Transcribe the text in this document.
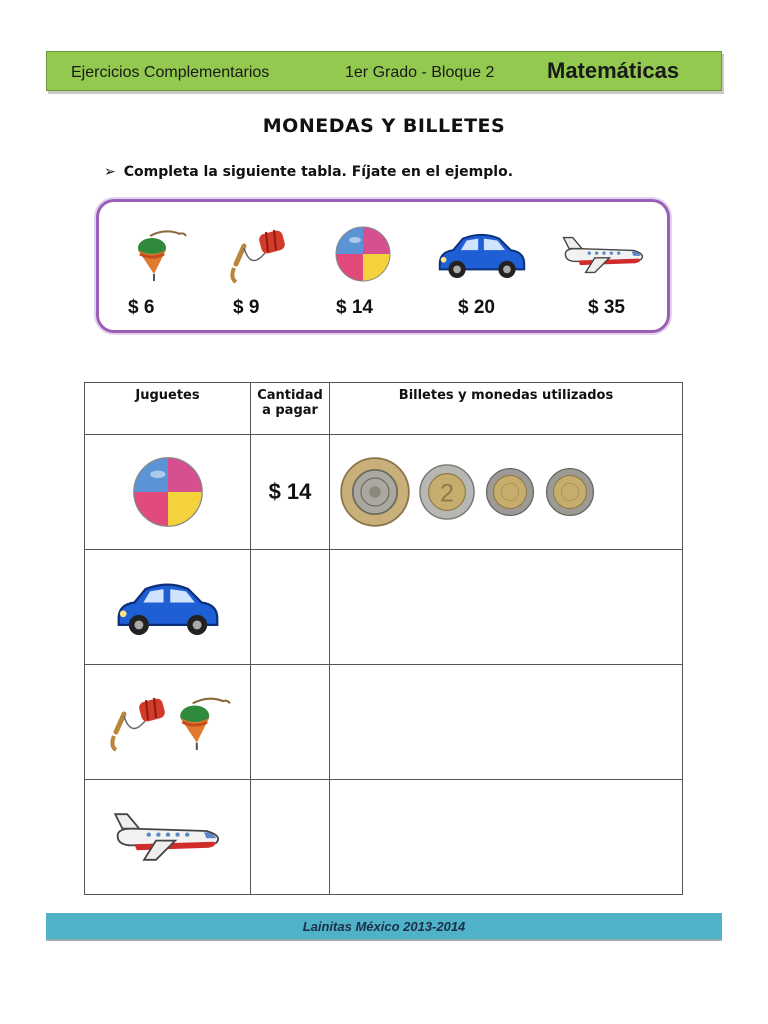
Ejercicios Complementarios	1er Grado - Bloque 2 Matemáticas
MONEDAS Y BILLETES
➢ Completa la siguiente tabla. Fíjate en el ejemplo.
$ 6	$ 9	$ 14	$ 20	$ 35
Juguetes	Cantidad a pagar	Billetes y monedas utilizados

$ 14

Lainitas México 2013-2014
